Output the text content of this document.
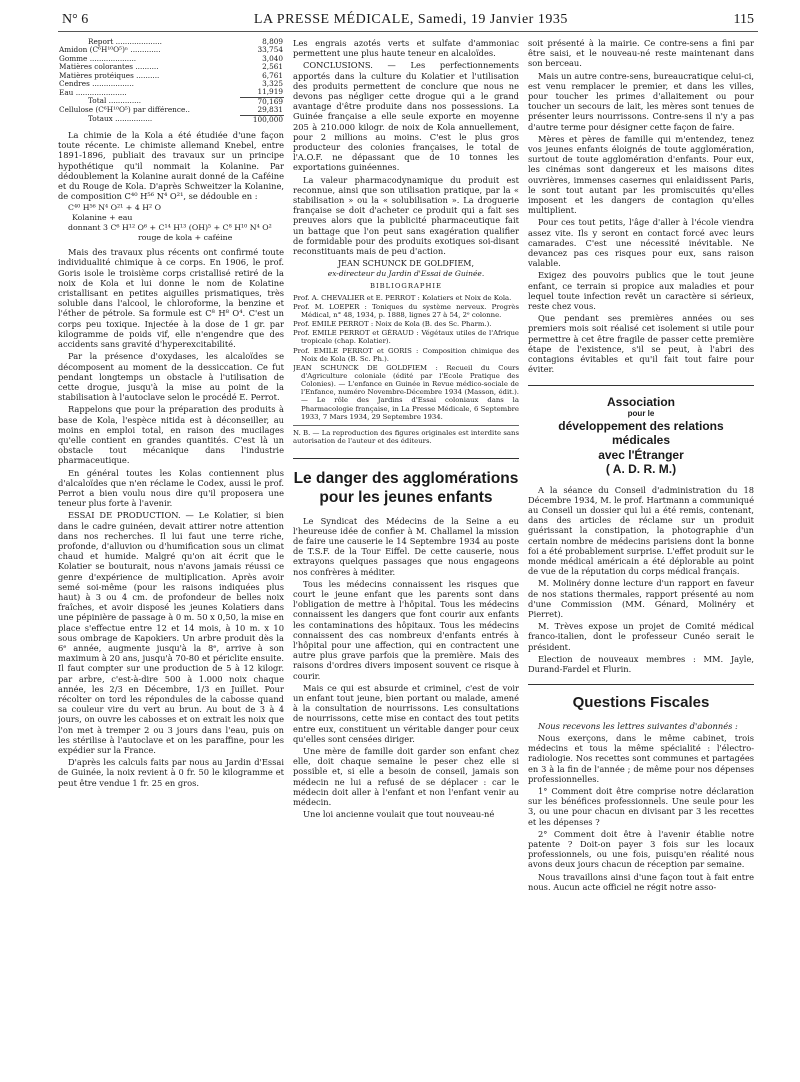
N° 6	LA PRESSE MÉDICALE, Samedi, 19 Janvier 1935	115
Report ....................	8,809
Amidon (C⁶H¹⁰O⁵)ⁿ .............	33,754
Gomme ....................	3,040
Matières colorantes ..........	2,561
Matières protéiques ..........	6,761
Cendres ..................	3,325
Eau ......................	11,919
Total ..............	70,169
Cellulose (C⁶H¹⁰O⁵) par différence..	29,831
Totaux ................	100,000

La chimie de la Kola a été étudiée d'une façon toute récente. Le chimiste allemand Knebel, entre 1891-1896, publiait des travaux sur un principe hypothétique qu'il nommait la Kolanine. Par dédoublement la Kolanine aurait donné de la Caféine et du Rouge de Kola. D'après Schweitzer la Kolanine, de composition C⁴⁰ H⁵⁶ N⁴ O²¹, se dédouble en :

C⁴⁰ H⁵⁶ N⁴ O²¹ + 4 H² O
Kolanine + eau
donnant 3 C⁶ H¹² O⁶ + C¹⁴ H¹³ (OH)⁵ + C⁸ H¹⁰ N⁴ O²
rouge de kola + caféine

Mais des travaux plus récents ont confirmé toute individualité chimique à ce corps. En 1906, le prof. Goris isole le troisième corps cristallisé retiré de la noix de Kola et lui donne le nom de Kolatine cristallisant en petites aiguilles prismatiques, très soluble dans l'alcool, le chloroforme, la benzine et l'éther de pétrole. Sa formule est C⁸ H⁸ O⁴. C'est un corps peu toxique. Injectée à la dose de 1 gr. par kilogramme de poids vif, elle n'engendre que des accidents sans gravité d'hyperexcitabilité.

Par la présence d'oxydases, les alcaloïdes se décomposent au moment de la dessiccation. Ce fut pendant longtemps un obstacle à l'utilisation de cette drogue, jusqu'à la mise au point de la stabilisation à l'autoclave selon le procédé E. Perrot.

Rappelons que pour la préparation des produits à base de Kola, l'espèce nitida est à déconseiller, au moins en emploi total, en raison des mucilages qu'elle contient en grandes quantités. C'est là un obstacle tout mécanique dans l'industrie pharmaceutique.

En général toutes les Kolas contiennent plus d'alcaloïdes que n'en réclame le Codex, aussi le prof. Perrot a bien voulu nous dire qu'il proposera une teneur plus forte à l'avenir.

ESSAI DE PRODUCTION. — Le Kolatier, si bien dans le cadre guinéen, devait attirer notre attention dans nos recherches. Il lui faut une terre riche, profonde, d'alluvion ou d'humification sous un climat chaud et humide. Malgré qu'on ait écrit que le Kolatier se bouturait, nous n'avons jamais réussi ce genre d'expérience de multiplication. Après avoir semé soi-même (pour les raisons indiquées plus haut) à 3 ou 4 cm. de profondeur de belles noix fraîches, et avoir disposé les jeunes Kolatiers dans une pépinière de passage à 0 m. 50 x 0,50, la mise en place s'effectue entre 12 et 14 mois, à 10 m. x 10 sous ombrage de Kapokiers. Un arbre produit dès la 6ᵉ année, augmente jusqu'à la 8ᵉ, arrive à son maximum à 20 ans, jusqu'à 70-80 et périclite ensuite. Il faut compter sur une production de 5 à 12 kilogr. par arbre, c'est-à-dire 500 à 1.000 noix chaque année, les 2/3 en Décembre, 1/3 en Juillet. Pour récolter on tord les répondules de la cabosse quand sa couleur vire du vert au brun. Au bout de 3 à 4 jours, on ouvre les cabosses et on extrait les noix que l'on met à tremper 2 ou 3 jours dans l'eau, puis on les stérilise à l'autoclave et on les paraffine, pour les expédier sur la France.

D'après les calculs faits par nous au Jardin d'Essai de Guinée, la noix revient à 0 fr. 50 le kilogramme et peut être vendue 1 fr. 25 en gros.

Les engrais azotés verts et sulfate d'ammoniac permettent une plus haute teneur en alcaloïdes.

CONCLUSIONS. — Les perfectionnements apportés dans la culture du Kolatier et l'utilisation des produits permettent de conclure que nous ne devons pas négliger cette drogue qui a le grand avantage d'être produite dans nos possessions. La Guinée française a elle seule exporte en moyenne 205 à 210.000 kilogr. de noix de Kola annuellement, pour 2 millions au moins. C'est le plus gros producteur des colonies françaises, le total de l'A.O.F. ne dépassant que de 10 tonnes les exportations guinéennes.

La valeur pharmacodynamique du produit est reconnue, ainsi que son utilisation pratique, par la « stabilisation » ou la « solubilisation ». La droguerie française se doit d'acheter ce produit qui a fait ses preuves alors que la publicité pharmaceutique fait un battage que l'on peut sans exagération qualifier de formidable pour des produits exotiques soi-disant reconstituants mais de peu d'action.

JEAN SCHUNCK DE GOLDFIEM,
ex-directeur du Jardin d'Essai de Guinée.
BIBLIOGRAPHIE

Prof. A. CHEVALIER et E. PERROT : Kolatiers et Noix de Kola.

Prof. M. LOEPER : Toniques du système nerveux. Progrès Médical, n° 48, 1934, p. 1888, lignes 27 à 54, 2ᵉ colonne.

Prof. EMILE PERROT : Noix de Kola (B. des Sc. Pharm.).

Prof. EMILE PERROT et GÉRAUD : Végétaux utiles de l'Afrique tropicale (chap. Kolatier).

Prof. EMILE PERROT et GORIS : Composition chimique des Noix de Kola (B. Sc. Ph.).

JEAN SCHUNCK DE GOLDFIEM : Recueil du Cours d'Agriculture coloniale (édité par l'Ecole Pratique des Colonies). — L'enfance en Guinée in Revue médico-sociale de l'Enfance, numéro Novembre-Décembre 1934 (Masson, édit.). — Le rôle des Jardins d'Essai coloniaux dans la Pharmacologie française, in La Presse Médicale, 6 Septembre 1933, 7 Mars 1934, 29 Septembre 1934.

N. B. — La reproduction des figures originales est interdite sans autorisation de l'auteur et des éditeurs.
Le danger des agglomérations pour les jeunes enfants

Le Syndicat des Médecins de la Seine a eu l'heureuse idée de confier à M. Challamel la mission de faire une causerie le 14 Septembre 1934 au poste de T.S.F. de la Tour Eiffel. De cette causerie, nous extrayons quelques passages que nous engageons nos confrères à méditer.

Tous les médecins connaissent les risques que court le jeune enfant que les parents sont dans l'obligation de mettre à l'hôpital. Tous les médecins connaissent les dangers que font courir aux enfants les contaminations des hôpitaux. Tous les médecins connaissent des cas nombreux d'enfants entrés à l'hôpital pour une affection, qui en contractent une autre plus grave parfois que la première. Mais des raisons d'ordres divers imposent souvent ce risque à courir.

Mais ce qui est absurde et criminel, c'est de voir un enfant tout jeune, bien portant ou malade, amené à la consultation de nourrissons. Les consultations de nourrissons, cette mise en contact des tout petits entre eux, constituent un véritable danger pour ceux qu'elles sont censées diriger.

Une mère de famille doit garder son enfant chez elle, doit chaque semaine le peser chez elle si possible et, si elle a besoin de conseil, jamais son médecin ne lui a refusé de se déplacer : car le médecin doit aller à l'enfant et non l'enfant venir au médecin.

Une loi ancienne voulait que tout nouveau-né

soit présenté à la mairie. Ce contre-sens a fini par être saisi, et le nouveau-né reste maintenant dans son berceau.

Mais un autre contre-sens, bureaucratique celui-ci, est venu remplacer le premier, et dans les villes, pour toucher les primes d'allaitement ou pour toucher un secours de lait, les mères sont tenues de présenter leurs nourrissons. Contre-sens il n'y a pas d'autre terme pour désigner cette façon de faire.

Mères et pères de famille qui m'entendez, tenez vos jeunes enfants éloignés de toute agglomération, surtout de toute agglomération d'enfants. Pour eux, les cinémas sont dangereux et les maisons dites ouvrières, immenses casernes qui enlaidissent Paris, le sont tout autant par les promiscuités qu'elles imposent et les dangers de contagion qu'elles multiplient.

Pour ces tout petits, l'âge d'aller à l'école viendra assez vite. Ils y seront en contact forcé avec leurs camarades. C'est une nécessité inévitable. Ne devancez pas ces risques pour eux, sans raison valable.

Exigez des pouvoirs publics que le tout jeune enfant, ce terrain si propice aux maladies et pour lequel toute infection revêt un caractère si sérieux, reste chez vous.

Que pendant ses premières années ou ses premiers mois soit réalisé cet isolement si utile pour permettre à cet être fragile de passer cette première étape de l'existence, s'il se peut, à l'abri des contagions évitables et qu'il fait tout faire pour éviter.

Association
pour le
développement des relations médicales
avec l'Étranger
( A. D. R. M.)

A la séance du Conseil d'administration du 18 Décembre 1934, M. le prof. Hartmann a communiqué au Conseil un dossier qui lui a été remis, contenant, dans des articles de réclame sur un produit guérissant la constipation, la photographie d'un certain nombre de médecins parisiens dont la bonne foi a été probablement surprise. L'effet produit sur le monde médical américain a été déplorable au point de vue de la réputation du corps médical français.

M. Molinéry donne lecture d'un rapport en faveur de nos stations thermales, rapport présenté au nom d'une Commission (MM. Génard, Molinéry et Pierret).

M. Trèves expose un projet de Comité médical franco-italien, dont le professeur Cunéo serait le président.

Election de nouveaux membres : MM. Jayle, Durand-Fardel et Flurin.

Questions Fiscales

Nous recevons les lettres suivantes d'abonnés :

Nous exerçons, dans le même cabinet, trois médecins et tous la même spécialité : l'électro-radiologie. Nos recettes sont communes et partagées en 3 à la fin de l'année ; de même pour nos dépenses professionnelles.

1° Comment doit être comprise notre déclaration sur les bénéfices professionnels. Une seule pour les 3, ou une pour chacun en divisant par 3 les recettes et les dépenses ?

2° Comment doit être à l'avenir établie notre patente ? Doit-on payer 3 fois sur les locaux professionnels, ou une fois, puisqu'en réalité nous avons deux jours chacun de réception par semaine.

Nous travaillons ainsi d'une façon tout à fait entre nous. Aucun acte officiel ne régit notre asso-
